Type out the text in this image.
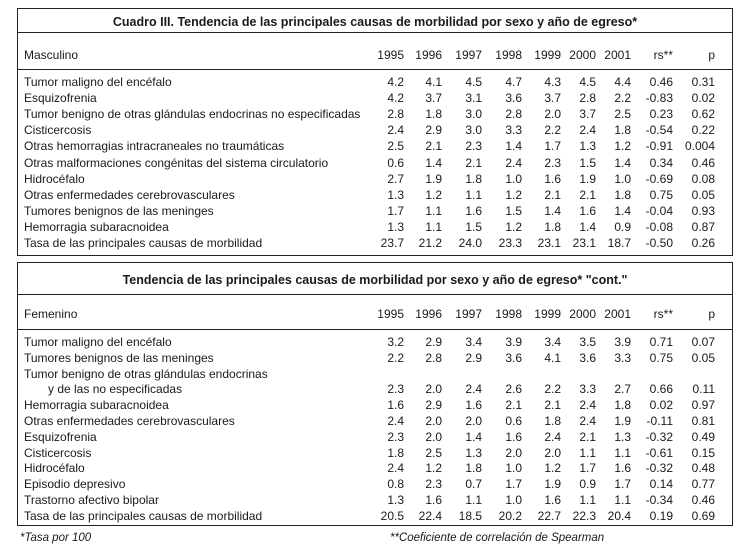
Cuadro III. Tendencia de las principales causas de morbilidad por sexo y año de egreso*
Masculino	1995 1996	1997	1998	1999 2000 2001	rs**	p
Tumor maligno del encéfalo	4.2	4.1	4.5	4.7	4.3	4.5	4.4	0.46	0.31
Esquizofrenia	4.2	3.7	3.1	3.6	3.7	2.8	2.2	-0.83	0.02
Tumor benigno de otras glándulas endocrinas no especificadas	2.8	1.8	3.0	2.8	2.0	3.7	2.5	0.23	0.62
Cisticercosis	2.4	2.9	3.0	3.3	2.2	2.4	1.8	-0.54	0.22
Otras hemorragias intracraneales no traumáticas	2.5	2.1	2.3	1.4	1.7	1.3	1.2	-0.91 0.004
Otras malformaciones congénitas del sistema circulatorio	0.6	1.4	2.1	2.4	2.3	1.5	1.4	0.34	0.46
Hidrocéfalo	2.7	1.9	1.8	1.0	1.6	1.9	1.0	-0.69	0.08
Otras enfermedades cerebrovasculares	1.3	1.2	1.1	1.2	2.1	2.1	1.8	0.75	0.05
Tumores benignos de las meninges	1.7	1.1	1.6	1.5	1.4	1.6	1.4	-0.04	0.93
Hemorragia subaracnoidea	1.3	1.1	1.5	1.2	1.8	1.4	0.9	-0.08	0.87
Tasa de las principales causas de morbilidad	23.7	21.2	24.0	23.3	23.1 23.1 18.7	-0.50	0.26
Tendencia de las principales causas de morbilidad por sexo y año de egreso* "cont."
Femenino	1995 1996	1997	1998	1999 2000 2001	rs**	p
Tumor maligno del encéfalo	3.2	2.9	3.4	3.9	3.4	3.5	3.9	0.71	0.07
Tumores benignos de las meninges	2.2	2.8	2.9	3.6	4.1	3.6	3.3	0.75	0.05
Tumor benigno de otras glándulas endocrinas
y de las no especificadas	2.3	2.0	2.4	2.6	2.2	3.3	2.7	0.66	0.11
Hemorragia subaracnoidea	1.6	2.9	1.6	2.1	2.1	2.4	1.8	0.02	0.97
Otras enfermedades cerebrovasculares	2.4	2.0	2.0	0.6	1.8	2.4	1.9	-0.11	0.81
Esquizofrenia	2.3	2.0	1.4	1.6	2.4	2.1	1.3	-0.32	0.49
Cisticercosis	1.8	2.5	1.3	2.0	2.0	1.1	1.1	-0.61	0.15
Hidrocéfalo	2.4	1.2	1.8	1.0	1.2	1.7	1.6	-0.32	0.48
Episodio depresivo	0.8	2.3	0.7	1.7	1.9	0.9	1.7	0.14	0.77
Trastorno afectivo bipolar	1.3	1.6	1.1	1.0	1.6	1.1	1.1	-0.34	0.46
Tasa de las principales causas de morbilidad	20.5	22.4	18.5	20.2	22.7 22.3 20.4	0.19	0.69
*Tasa por 100	**Coeficiente de correlación de Spearman
